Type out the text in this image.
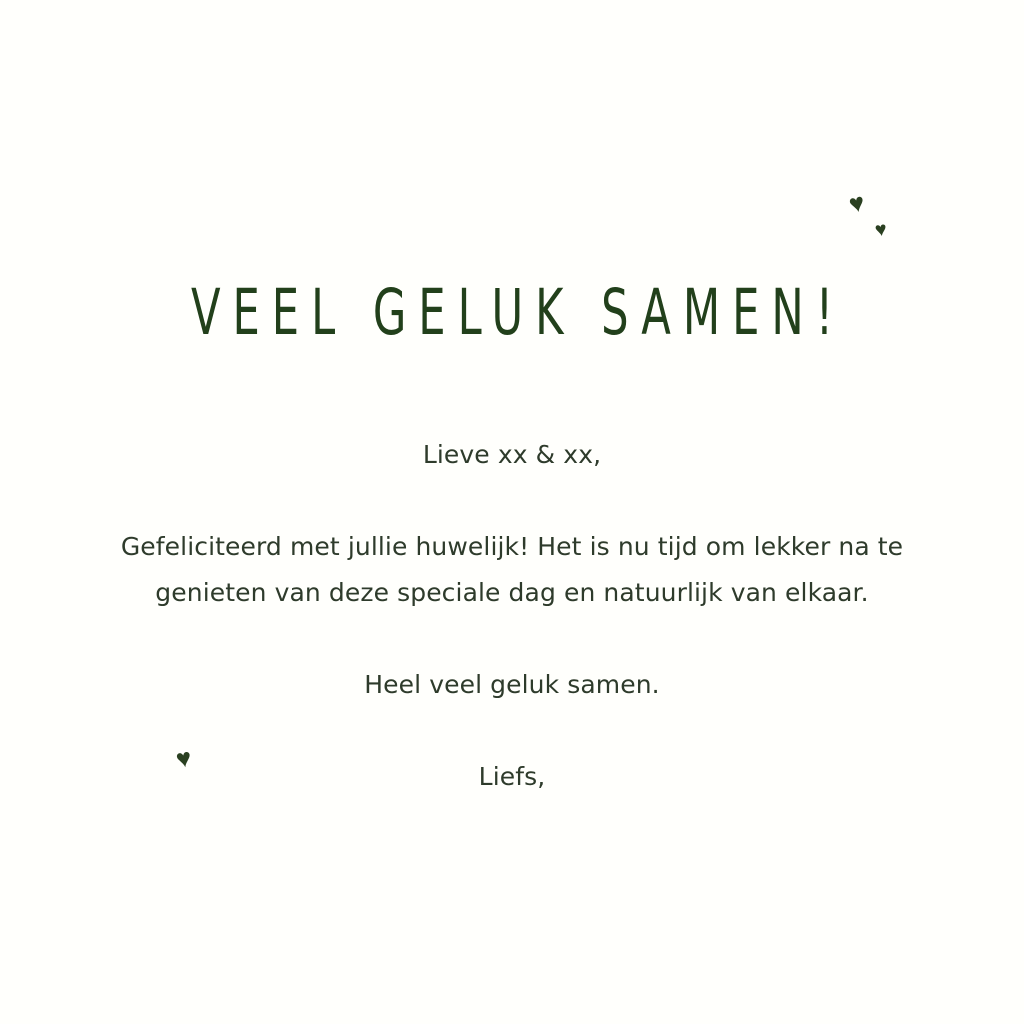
♥
♥
♥
VEEL GELUK SAMEN!

Lieve xx & xx,

Gefeliciteerd met jullie huwelijk! Het is nu tijd om lekker na te genieten van deze speciale dag en natuurlijk van elkaar.

Heel veel geluk samen.

Liefs,
